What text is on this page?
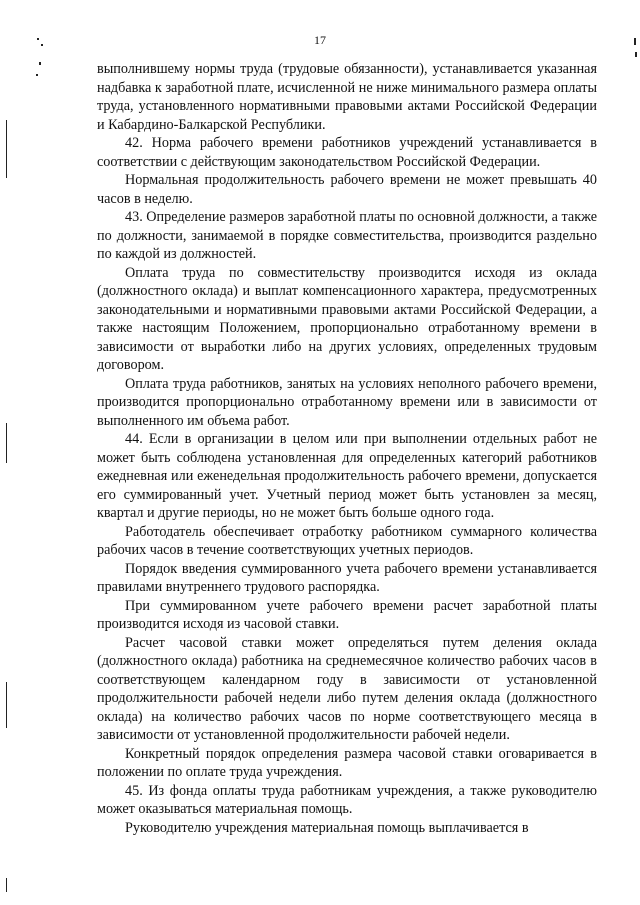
17

выполнившему нормы труда (трудовые обязанности), устанавливается указанная надбавка к заработной плате, исчисленной не ниже минимального размера оплаты труда, установленного нормативными правовыми актами Российской Федерации и Кабардино-Балкарской Республики.

42. Норма рабочего времени работников учреждений устанавливается в соответствии с действующим законодательством Российской Федерации.

Нормальная продолжительность рабочего времени не может превышать 40 часов в неделю.

43. Определение размеров заработной платы по основной должности, а также по должности, занимаемой в порядке совместительства, производится раздельно по каждой из должностей.

Оплата труда по совместительству производится исходя из оклада (должностного оклада) и выплат компенсационного характера, предусмотренных законодательными и нормативными правовыми актами Российской Федерации, а также настоящим Положением, пропорционально отработанному времени в зависимости от выработки либо на других условиях, определенных трудовым договором.

Оплата труда работников, занятых на условиях неполного рабочего времени, производится пропорционально отработанному времени или в зависимости от выполненного им объема работ.

44. Если в организации в целом или при выполнении отдельных работ не может быть соблюдена установленная для определенных категорий работников ежедневная или еженедельная продолжительность рабочего времени, допускается его суммированный учет. Учетный период может быть установлен за месяц, квартал и другие периоды, но не может быть больше одного года.

Работодатель обеспечивает отработку работником суммарного количества рабочих часов в течение соответствующих учетных периодов.

Порядок введения суммированного учета рабочего времени устанавливается правилами внутреннего трудового распорядка.

При суммированном учете рабочего времени расчет заработной платы производится исходя из часовой ставки.

Расчет часовой ставки может определяться путем деления оклада (должностного оклада) работника на среднемесячное количество рабочих часов в соответствующем календарном году в зависимости от установленной продолжительности рабочей недели либо путем деления оклада (должностного оклада) на количество рабочих часов по норме соответствующего месяца в зависимости от установленной продолжительности рабочей недели.

Конкретный порядок определения размера часовой ставки оговаривается в положении по оплате труда учреждения.

45. Из фонда оплаты труда работникам учреждения, а также руководителю может оказываться материальная помощь.

Руководителю учреждения материальная помощь выплачивается в
